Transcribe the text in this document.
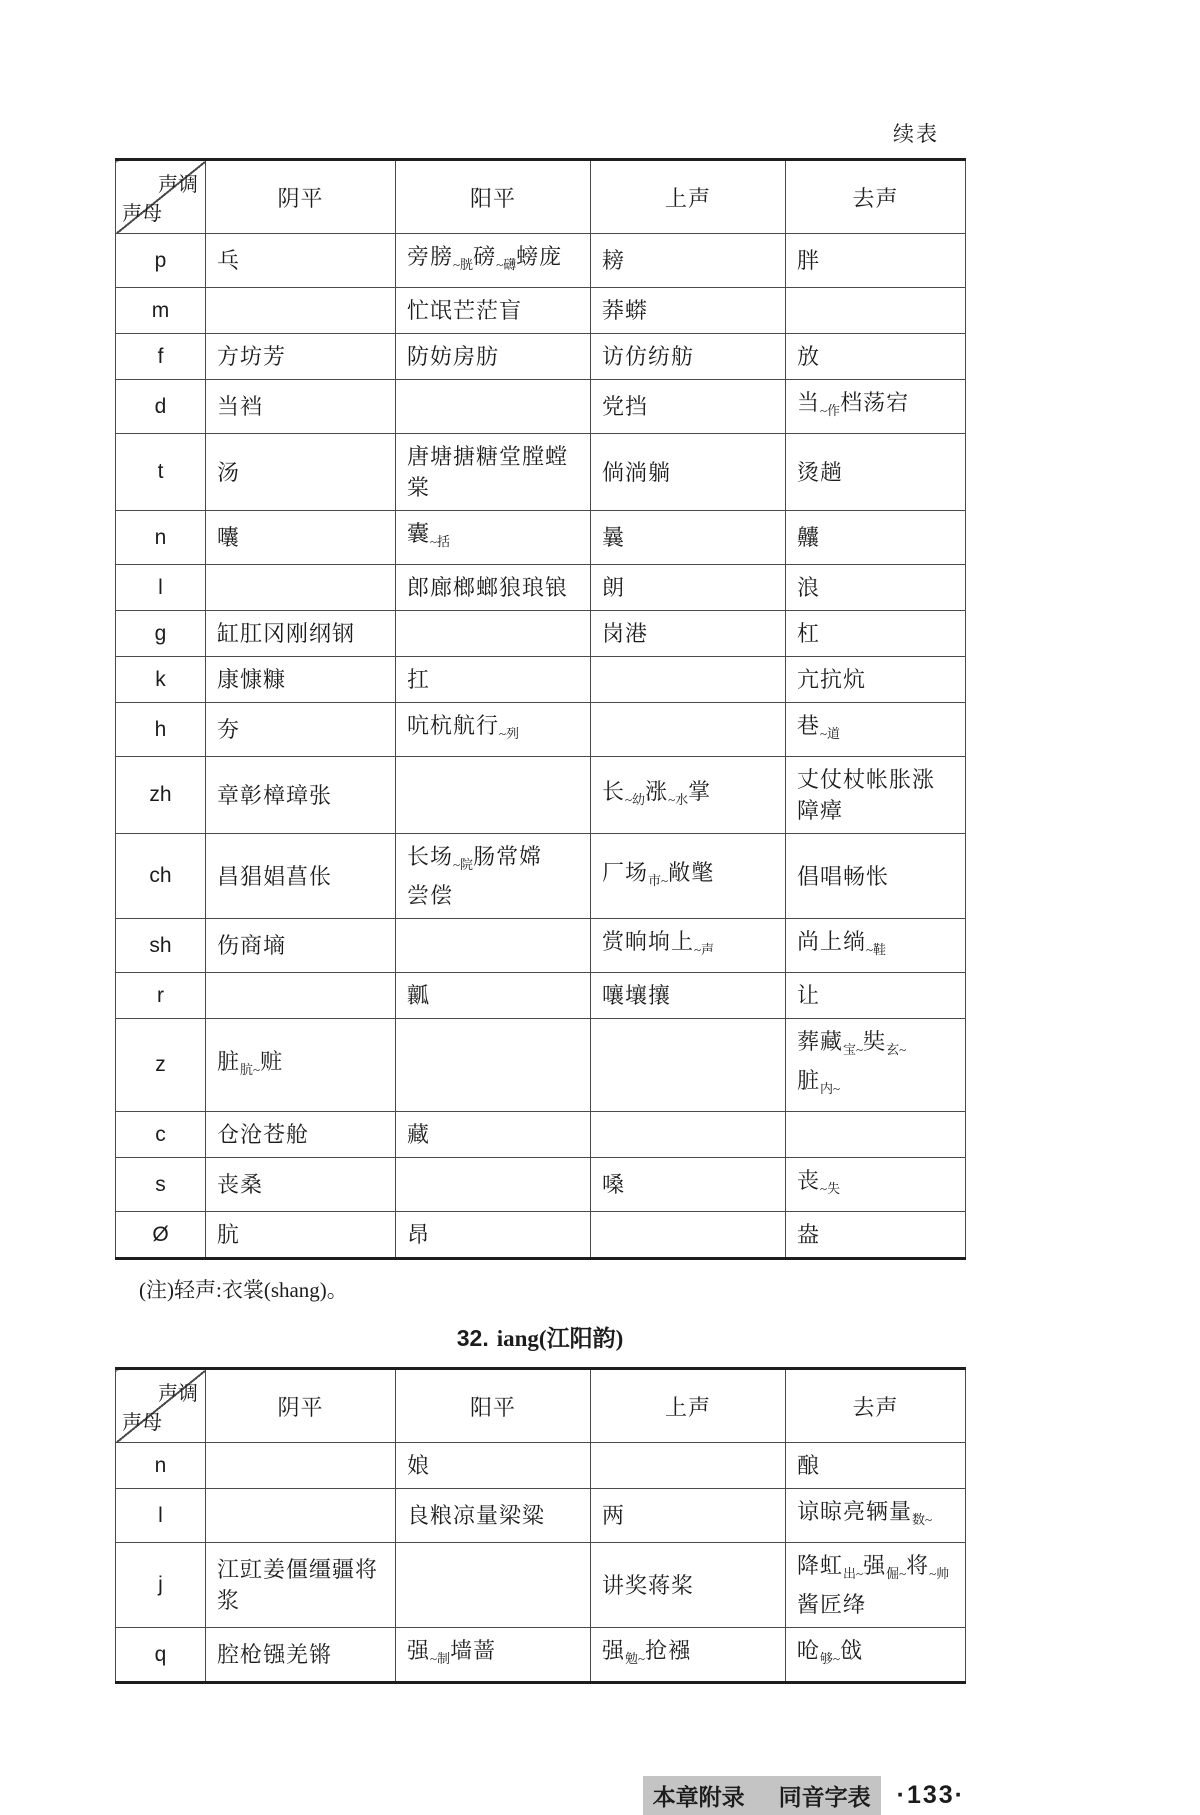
续表
声调
声母	阴平	阳平	上声	去声
p	乓	旁膀$_{\sim 胱}$磅$_{\sim 礴}$螃庞	耪	胖

m		忙氓芒茫盲	莽蟒	

f	方坊芳	防妨房肪	访仿纺舫	放

d	当裆		党挡	当$_{\sim 作}$档荡宕

t	汤	唐塘搪糖堂膛螳棠	倘淌躺	烫趟

n	囔	囊$_{\sim 括}$	曩	齉

l		郎廊榔螂狼琅锒	朗	浪

g	缸肛冈刚纲钢		岗港	杠

k	康慷糠	扛		亢抗炕

h	夯	吭杭航行$_{\sim 列}$		巷$_{\sim 道}$

zh	章彰樟璋张		长$_{\sim 幼}$涨$_{\sim 水}$掌	丈仗杖帐胀涨
障瘴

ch	昌猖娼菖伥	长场$_{\sim 院}$肠常嫦
尝偿	厂场$_{市\sim}$敞氅	倡唱畅怅

sh	伤商墒		赏晌垧上$_{\sim 声}$	尚上绱$_{\sim 鞋}$

r		瓤	嚷壤攘	让

z	脏$_{肮\sim}$赃			葬藏$_{宝\sim}$奘$_{玄\sim}$
脏$_{内\sim}$

c	仓沧苍舱	藏		

s	丧桑		嗓	丧$_{\sim 失}$

Ø	肮	昂		盎
(注)轻声:衣裳(shang)。
32. iang(江阳韵)
声调
声母	阴平	阳平	上声	去声
n		娘		酿

l		良粮凉量梁粱	两	谅晾亮辆量$_{数\sim}$

j	江豇姜僵缰疆将浆		讲奖蒋桨	降虹$_{出\sim}$强$_{倔\sim}$将$_{\sim 帅}$
酱匠绛

q	腔枪镪羌锵	强$_{\sim 制}$墙蔷	强$_{勉\sim}$抢襁	呛$_{够\sim}$戗
本章附录 同音字表 ·133·
